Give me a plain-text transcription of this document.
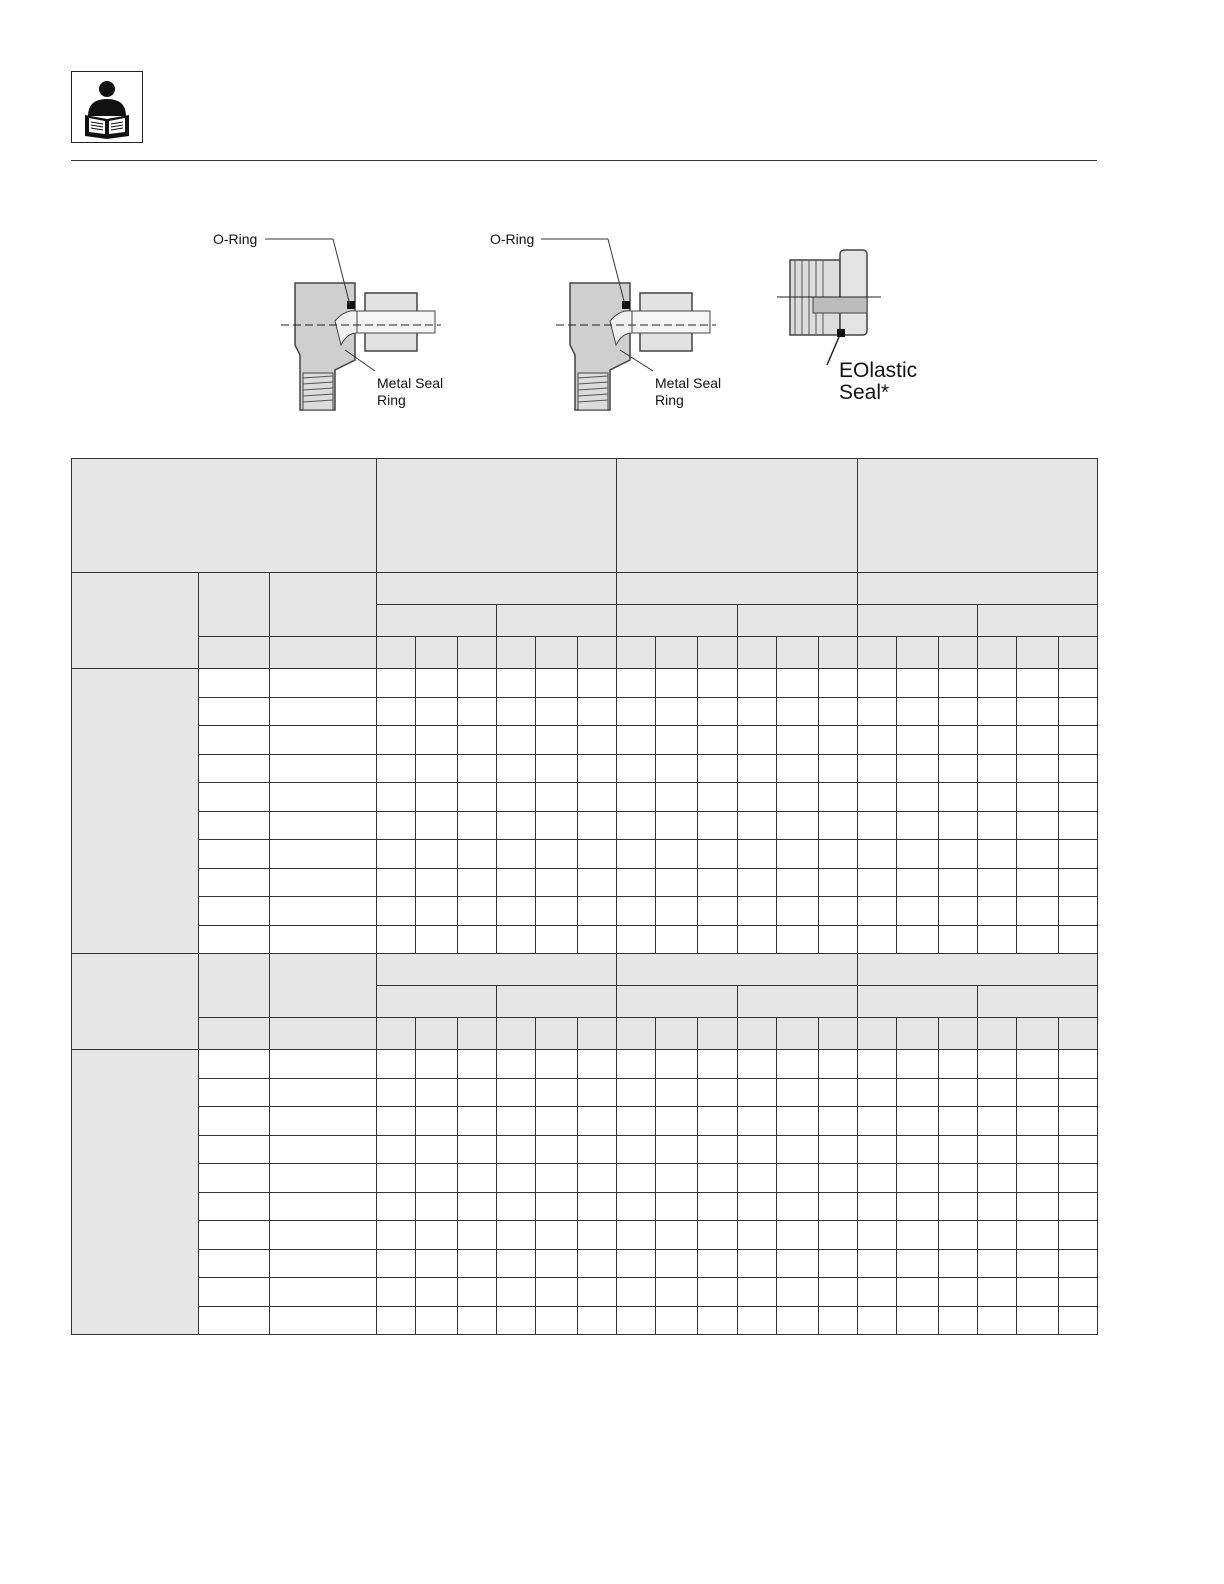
O-Ring
Metal Seal
Ring
O-Ring
Metal Seal
Ring
EOlastic
Seal*
